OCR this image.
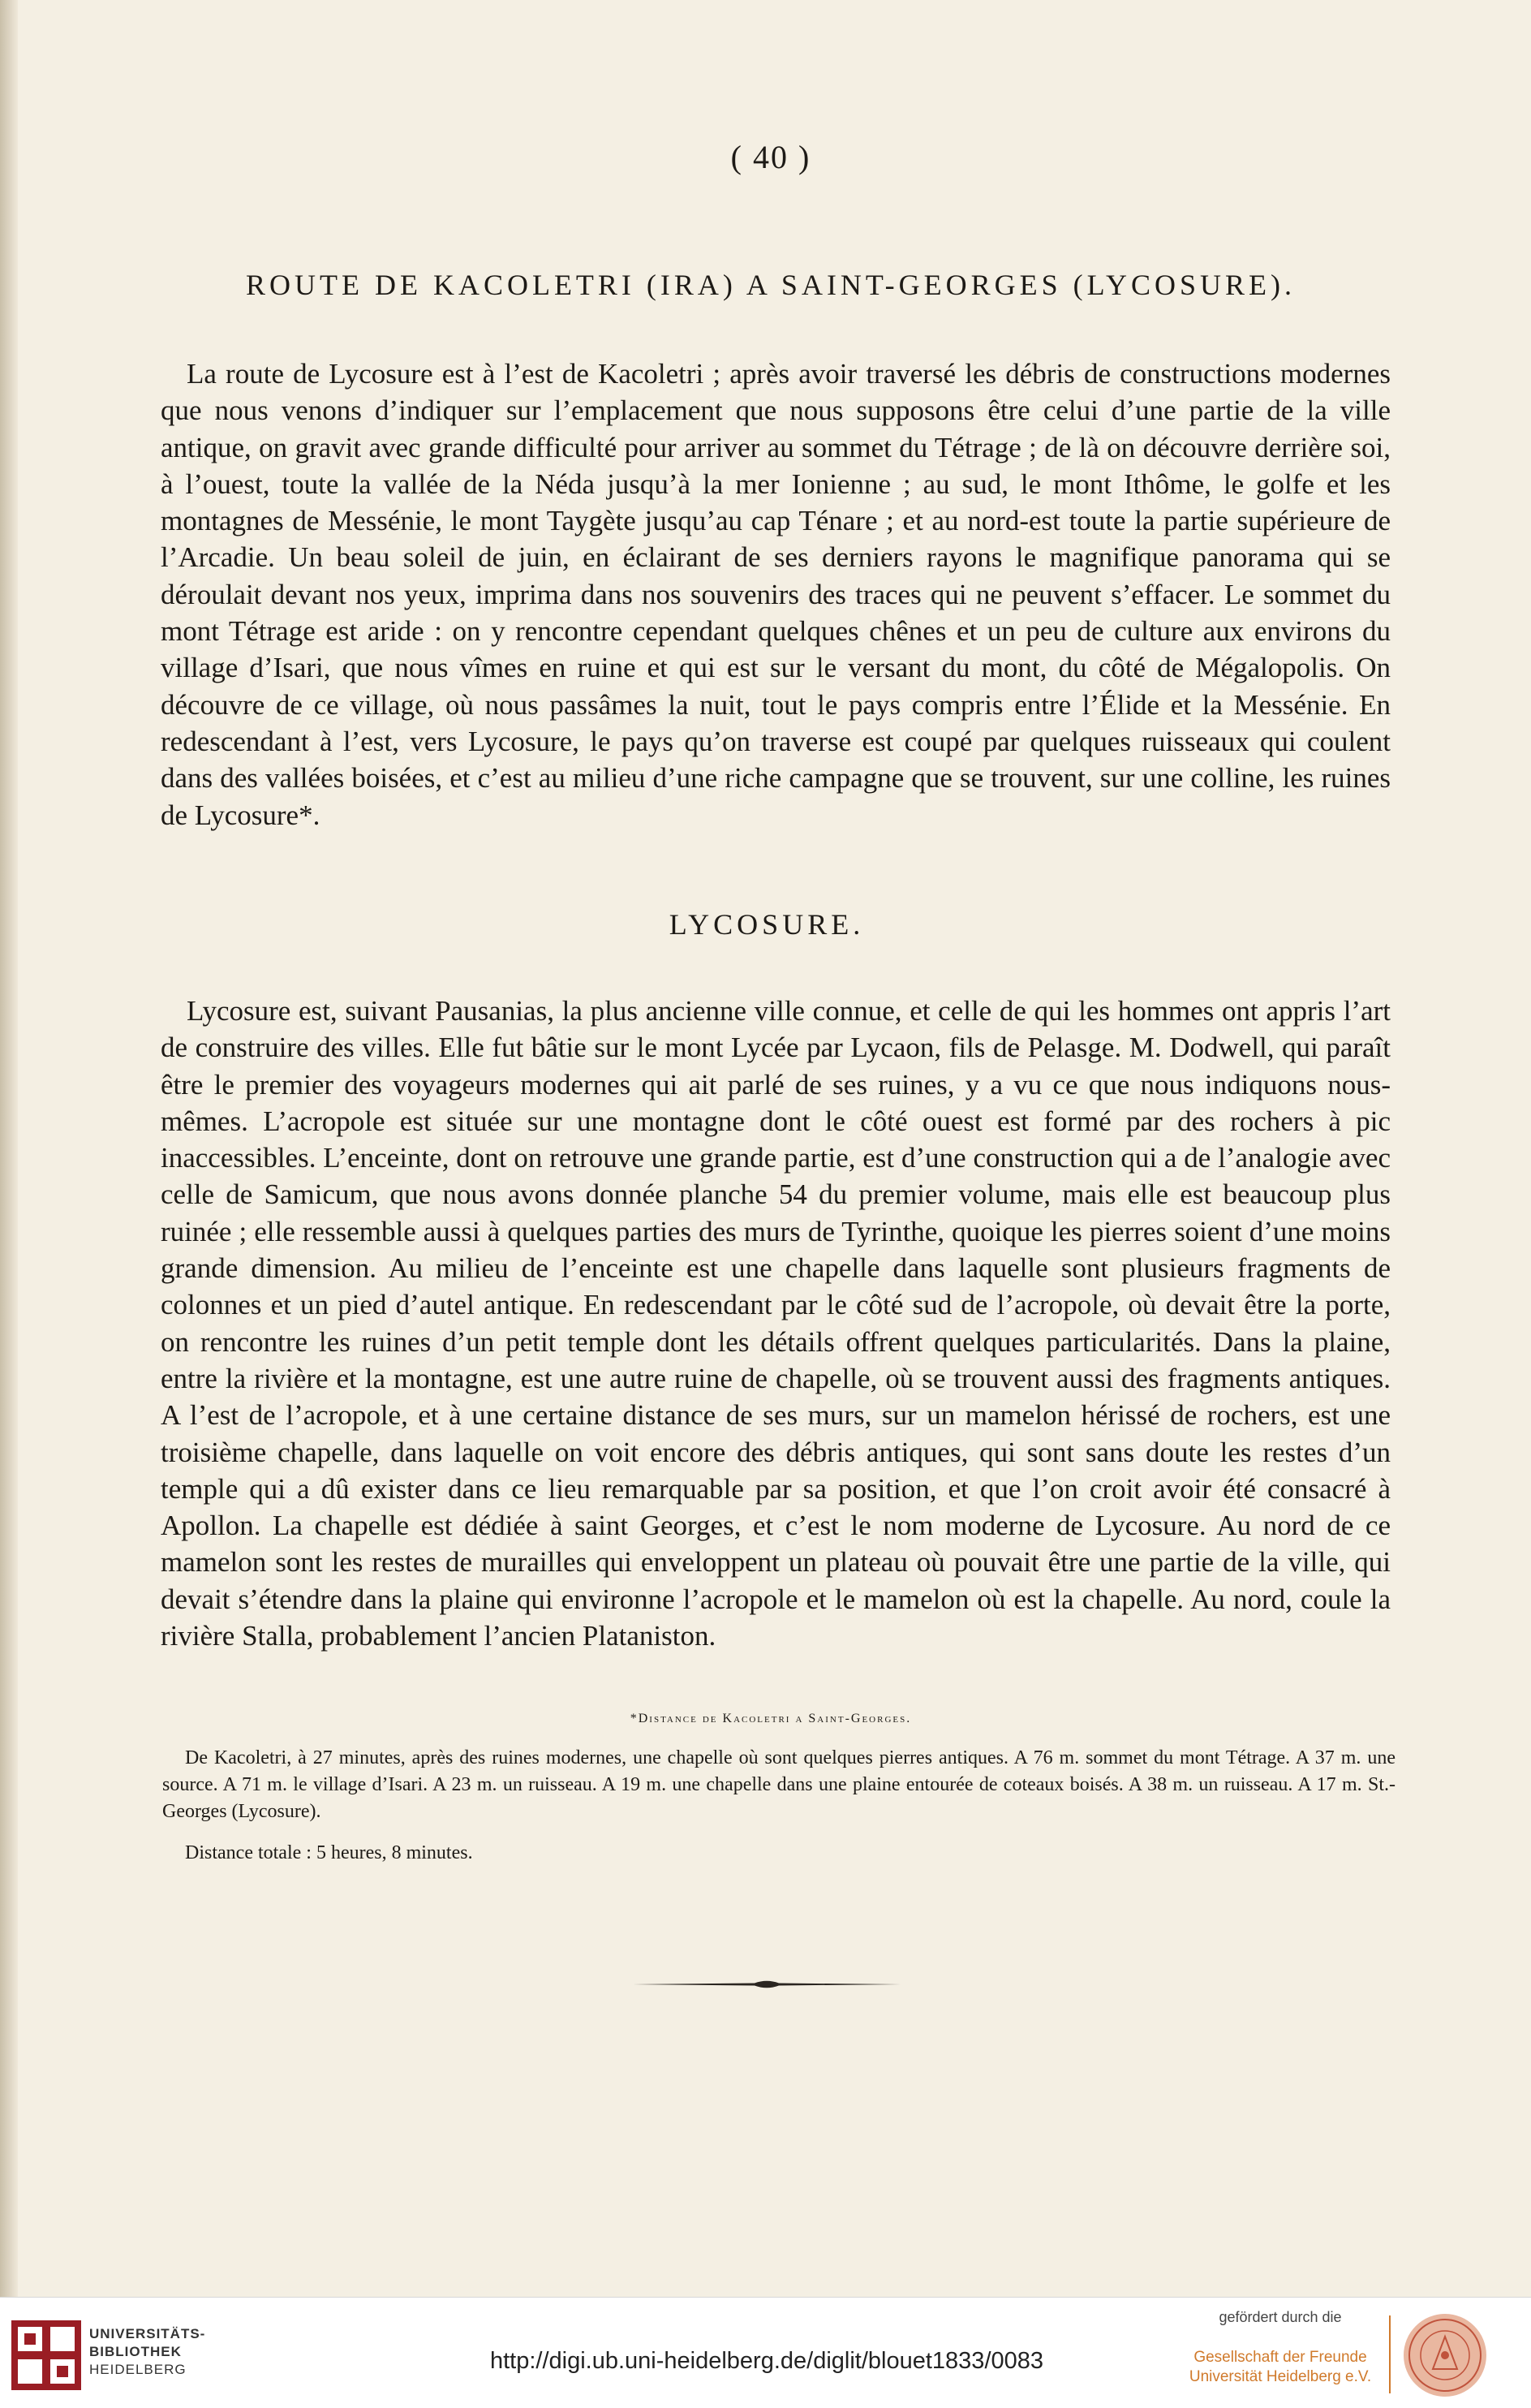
( 40 )
ROUTE DE KACOLETRI (IRA) A SAINT-GEORGES (LYCOSURE).

La route de Lycosure est à l’est de Kacoletri ; après avoir traversé les débris de constructions modernes que nous venons d’indiquer sur l’emplacement que nous supposons être celui d’une partie de la ville antique, on gravit avec grande difficulté pour arriver au sommet du Tétrage ; de là on découvre derrière soi, à l’ouest, toute la vallée de la Néda jusqu’à la mer Ionienne ; au sud, le mont Ithôme, le golfe et les montagnes de Messénie, le mont Taygète jusqu’au cap Ténare ; et au nord-est toute la partie supérieure de l’Arcadie. Un beau soleil de juin, en éclairant de ses derniers rayons le magnifique panorama qui se déroulait devant nos yeux, imprima dans nos souvenirs des traces qui ne peuvent s’effacer. Le sommet du mont Tétrage est aride : on y rencontre cependant quelques chênes et un peu de culture aux environs du village d’Isari, que nous vîmes en ruine et qui est sur le versant du mont, du côté de Mégalopolis. On découvre de ce village, où nous passâmes la nuit, tout le pays compris entre l’Élide et la Messénie. En redescendant à l’est, vers Lycosure, le pays qu’on traverse est coupé par quelques ruisseaux qui coulent dans des vallées boisées, et c’est au milieu d’une riche campagne que se trouvent, sur une colline, les ruines de Lycosure*.

LYCOSURE.

Lycosure est, suivant Pausanias, la plus ancienne ville connue, et celle de qui les hommes ont appris l’art de construire des villes. Elle fut bâtie sur le mont Lycée par Lycaon, fils de Pelasge. M. Dodwell, qui paraît être le premier des voyageurs modernes qui ait parlé de ses ruines, y a vu ce que nous indiquons nous-mêmes. L’acropole est située sur une montagne dont le côté ouest est formé par des rochers à pic inaccessibles. L’enceinte, dont on retrouve une grande partie, est d’une construction qui a de l’analogie avec celle de Samicum, que nous avons donnée planche 54 du premier volume, mais elle est beaucoup plus ruinée ; elle ressemble aussi à quelques parties des murs de Tyrinthe, quoique les pierres soient d’une moins grande dimension. Au milieu de l’enceinte est une chapelle dans laquelle sont plusieurs fragments de colonnes et un pied d’autel antique. En redescendant par le côté sud de l’acropole, où devait être la porte, on rencontre les ruines d’un petit temple dont les détails offrent quelques particularités. Dans la plaine, entre la rivière et la montagne, est une autre ruine de chapelle, où se trouvent aussi des fragments antiques. A l’est de l’acropole, et à une certaine distance de ses murs, sur un mamelon hérissé de rochers, est une troisième chapelle, dans laquelle on voit encore des débris antiques, qui sont sans doute les restes d’un temple qui a dû exister dans ce lieu remarquable par sa position, et que l’on croit avoir été consacré à Apollon. La chapelle est dédiée à saint Georges, et c’est le nom moderne de Lycosure. Au nord de ce mamelon sont les restes de murailles qui enveloppent un plateau où pouvait être une partie de la ville, qui devait s’étendre dans la plaine qui environne l’acropole et le mamelon où est la chapelle. Au nord, coule la rivière Stalla, probablement l’ancien Plataniston.

*Distance de Kacoletri a Saint-Georges.

De Kacoletri, à 27 minutes, après des ruines modernes, une chapelle où sont quelques pierres antiques. A 76 m. sommet du mont Tétrage. A 37 m. une source. A 71 m. le village d’Isari. A 23 m. un ruisseau. A 19 m. une chapelle dans une plaine entourée de coteaux boisés. A 38 m. un ruisseau. A 17 m. St.-Georges (Lycosure).

Distance totale : 5 heures, 8 minutes.

UNIVERSITÄTS-
BIBLIOTHEK
HEIDELBERG	http://digi.ub.uni-heidelberg.de/diglit/blouet1833/0083
gefördert durch die
Gesellschaft der Freunde
Universität Heidelberg e.V.
